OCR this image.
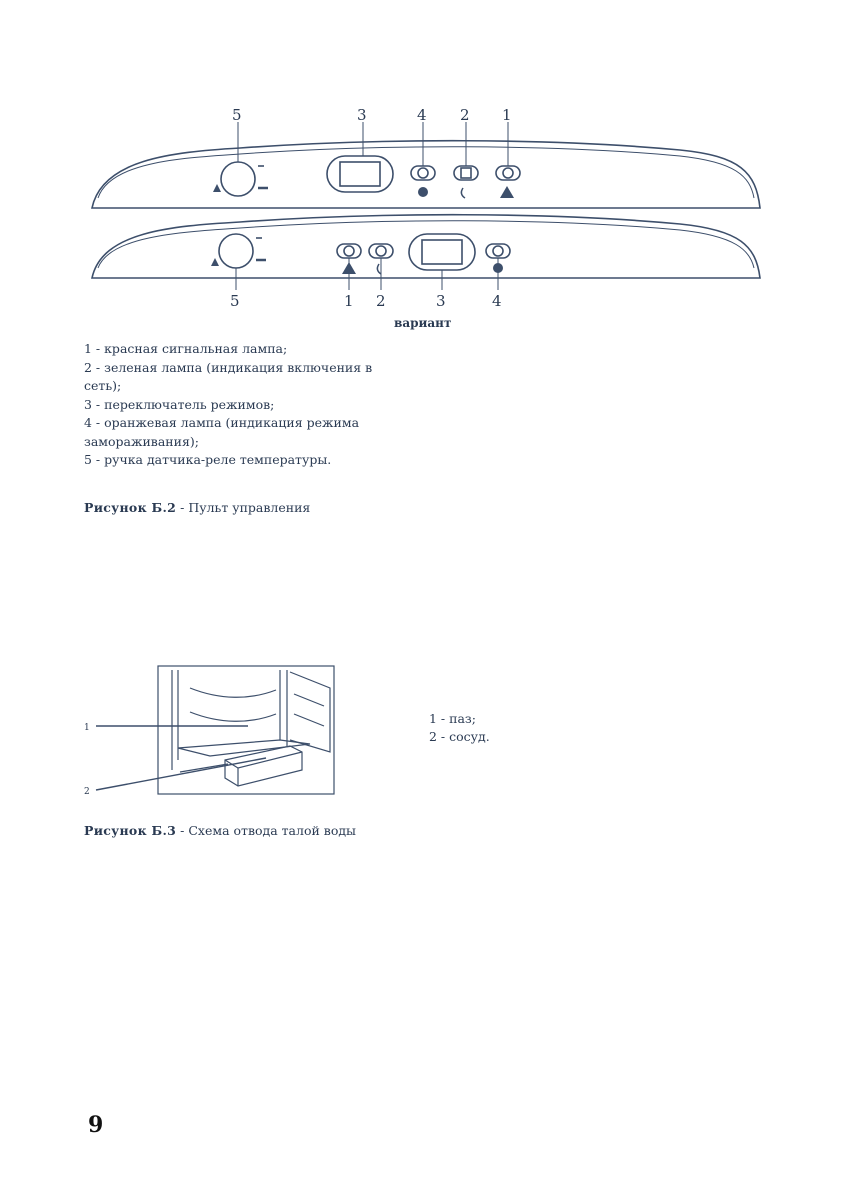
5	3	4 2 1
5	1 2	3	4
вариант
1 - красная сигнальная лампа;
2 - зеленая лампа (индикация включения в
сеть);
3 - переключатель режимов;
4 - оранжевая лампа (индикация режима
замораживания);
5 - ручка датчика-реле температуры.
Рисунок Б.2 - Пульт управления
1
2
1 - паз;
2 - сосуд.
Рисунок Б.3 - Схема отвода талой воды
9
